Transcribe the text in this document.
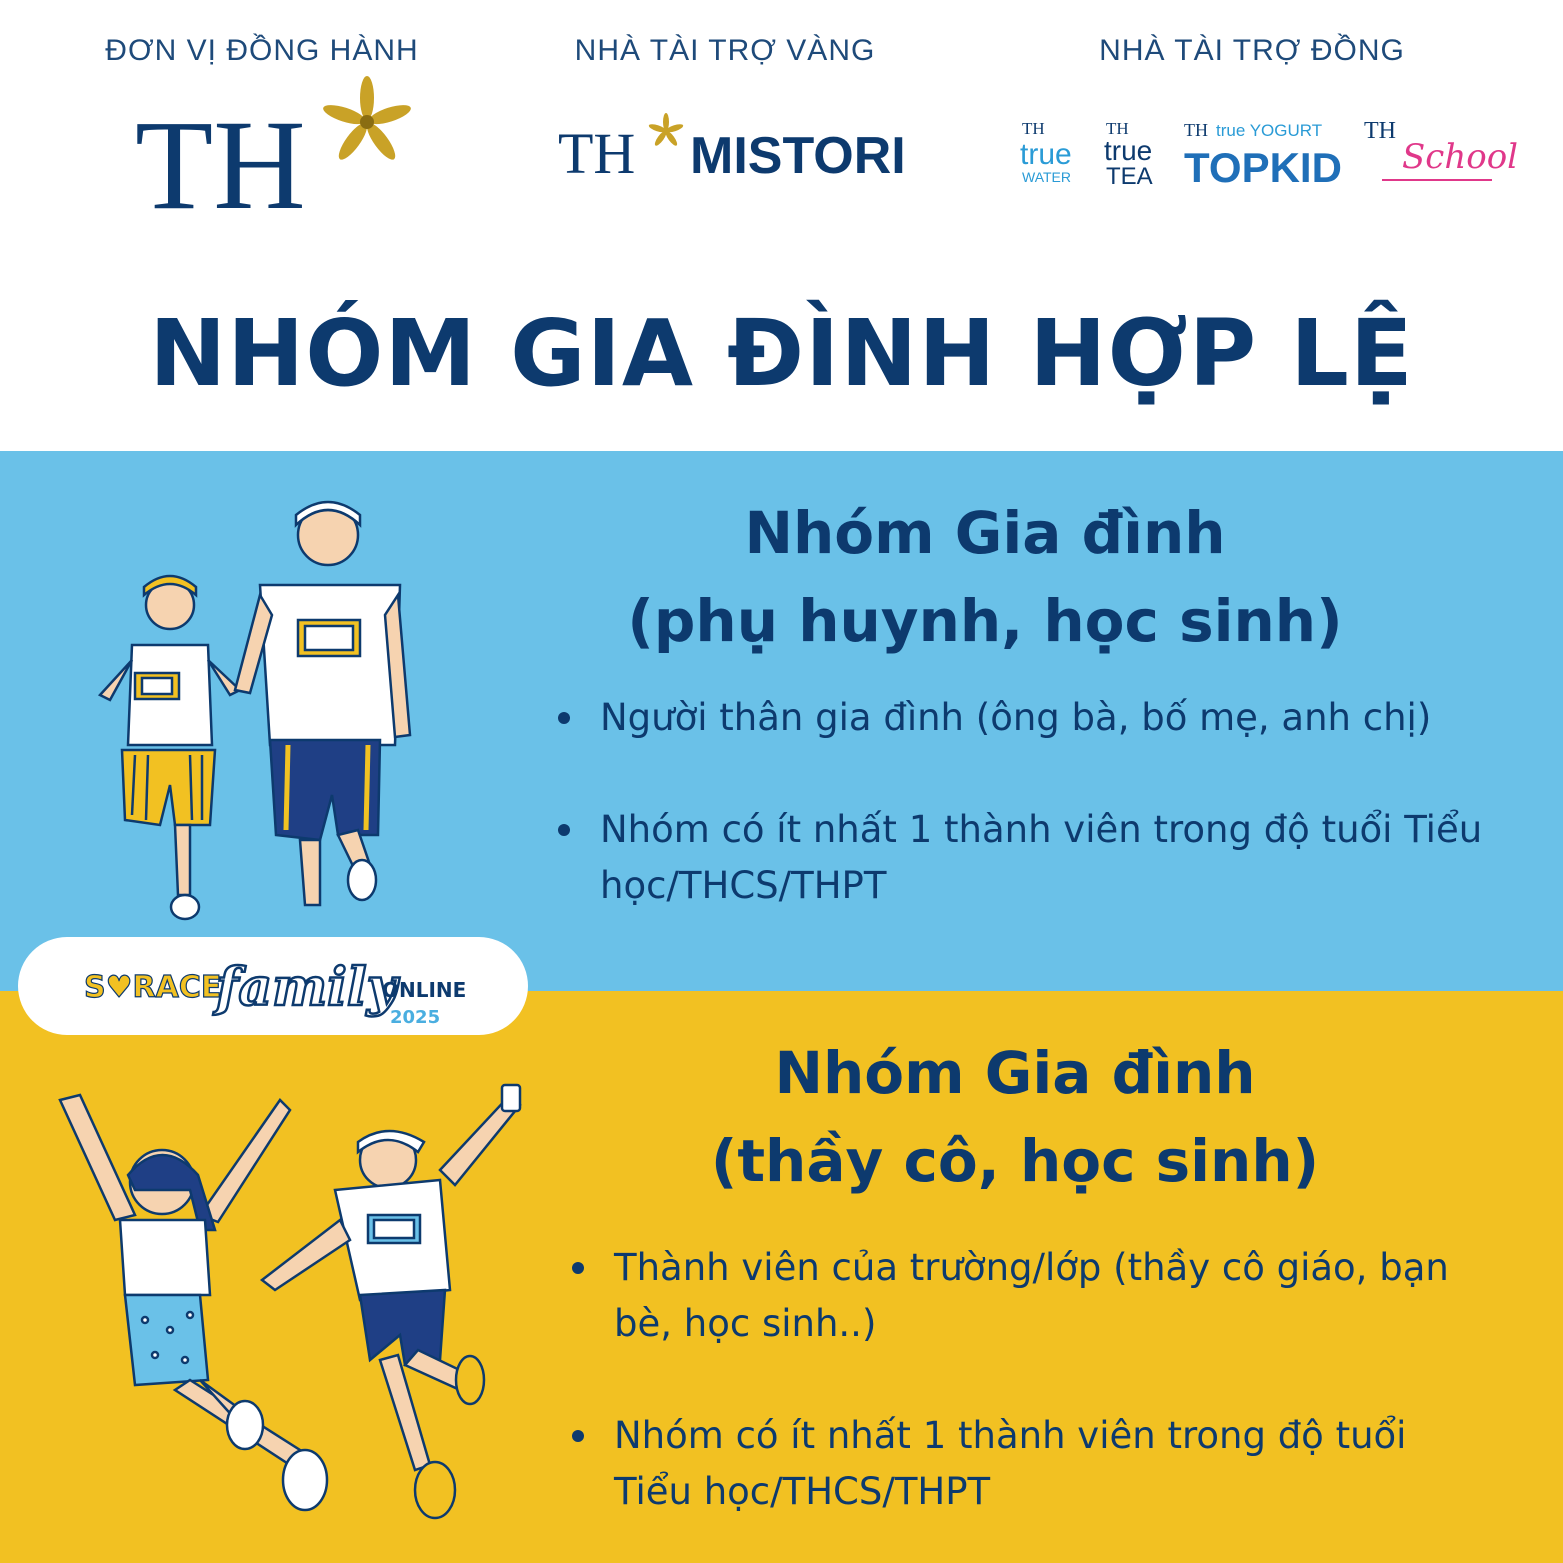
ĐƠN VỊ ĐỒNG HÀNH	NHÀ TÀI TRỢ VÀNG	NHÀ TÀI TRỢ ĐỒNG
TH	TH MISTORI	TH
true
WATER
TH
true
TEA
TH true YOGURT
TOPKID
TH
School
NHÓM GIA ĐÌNH HỢP LỆ
Nhóm Gia đình
(phụ huynh, học sinh)
Người thân gia đình (ông bà, bố mẹ, anh chị)
Nhóm có ít nhất 1 thành viên trong độ tuổi Tiểu học/THCS/THPT
Nhóm Gia đình
(thầy cô, học sinh)
Thành viên của trường/lớp (thầy cô giáo, bạn bè, học sinh..)
Nhóm có ít nhất 1 thành viên trong độ tuổi Tiểu học/THCS/THPT
S♥RACE
family
ONLINE
2025
